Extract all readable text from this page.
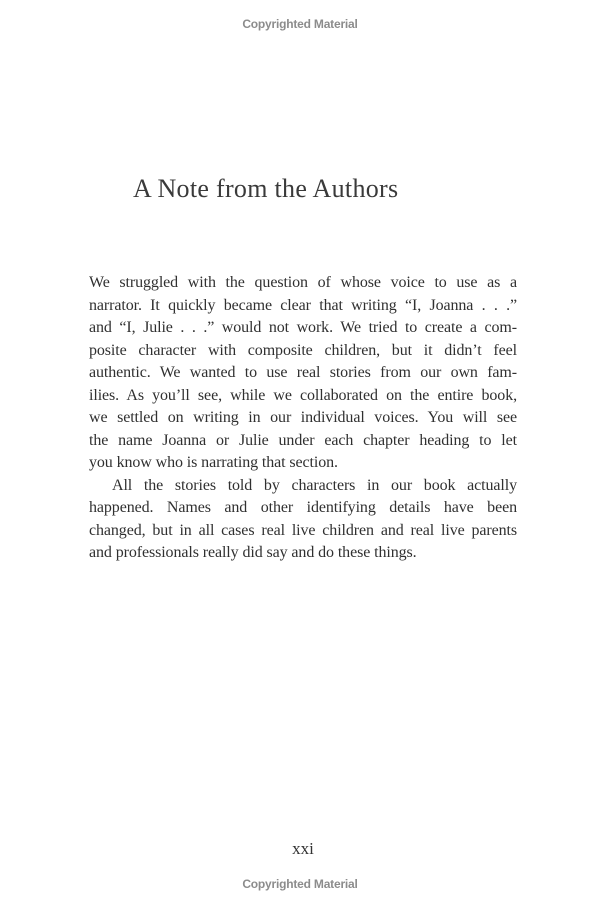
Copyrighted Material
A Note from the Authors
We struggled with the question of whose voice to use as a
narrator. It quickly became clear that writing “I, Joanna . . .”
and “I, Julie . . .” would not work. We tried to create a com-
posite character with composite children, but it didn’t feel
authentic. We wanted to use real stories from our own fam-
ilies. As you’ll see, while we collaborated on the entire book,
we settled on writing in our individual voices. You will see
the name Joanna or Julie under each chapter heading to let
you know who is narrating that section.
All the stories told by characters in our book actually
happened. Names and other identifying details have been
changed, but in all cases real live children and real live parents
and professionals really did say and do these things.
xxi
Copyrighted Material
